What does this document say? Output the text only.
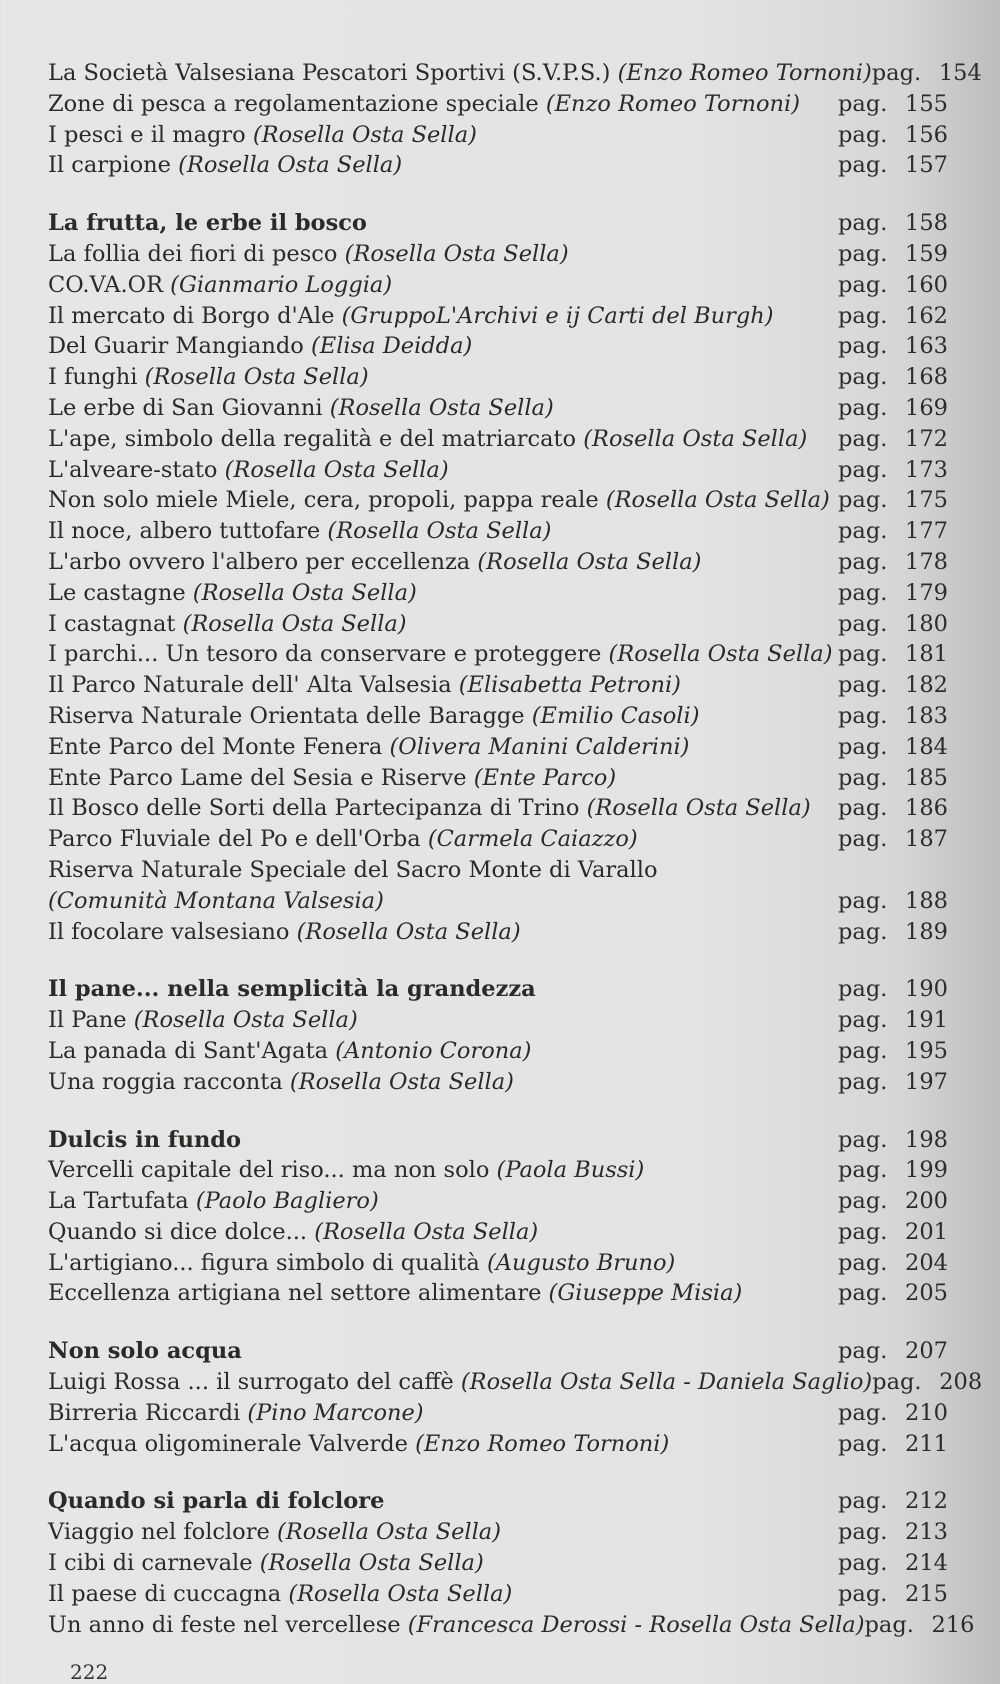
La Società Valsesiana Pescatori Sportivi (S.V.P.S.) (Enzo Romeo Tornoni) pag. 154
Zone di pesca a regolamentazione speciale (Enzo Romeo Tornoni)	pag. 155
I pesci e il magro (Rosella Osta Sella)	pag. 156
Il carpione (Rosella Osta Sella)	pag. 157
La frutta, le erbe il bosco	pag. 158
La follia dei fiori di pesco (Rosella Osta Sella)	pag. 159
CO.VA.OR (Gianmario Loggia)	pag. 160
Il mercato di Borgo d'Ale (GruppoL'Archivi e ij Carti del Burgh)	pag. 162
Del Guarir Mangiando (Elisa Deidda)	pag. 163
I funghi (Rosella Osta Sella)	pag. 168
Le erbe di San Giovanni (Rosella Osta Sella)	pag. 169
L'ape, simbolo della regalità e del matriarcato (Rosella Osta Sella)	pag. 172
L'alveare-stato (Rosella Osta Sella)	pag. 173
Non solo miele Miele, cera, propoli, pappa reale (Rosella Osta Sella) pag. 175
Il noce, albero tuttofare (Rosella Osta Sella)	pag. 177
L'arbo ovvero l'albero per eccellenza (Rosella Osta Sella)	pag. 178
Le castagne (Rosella Osta Sella)	pag. 179
I castagnat (Rosella Osta Sella)	pag. 180
I parchi... Un tesoro da conservare e proteggere (Rosella Osta Sella) pag. 181
Il Parco Naturale dell' Alta Valsesia (Elisabetta Petroni)	pag. 182
Riserva Naturale Orientata delle Baragge (Emilio Casoli)	pag. 183
Ente Parco del Monte Fenera (Olivera Manini Calderini)	pag. 184
Ente Parco Lame del Sesia e Riserve (Ente Parco)	pag. 185
Il Bosco delle Sorti della Partecipanza di Trino (Rosella Osta Sella)	pag. 186
Parco Fluviale del Po e dell'Orba (Carmela Caiazzo)	pag. 187
Riserva Naturale Speciale del Sacro Monte di Varallo
(Comunità Montana Valsesia)	pag. 188
Il focolare valsesiano (Rosella Osta Sella)	pag. 189
Il pane... nella semplicità la grandezza	pag. 190
Il Pane (Rosella Osta Sella)	pag. 191
La panada di Sant'Agata (Antonio Corona)	pag. 195
Una roggia racconta (Rosella Osta Sella)	pag. 197
Dulcis in fundo	pag. 198
Vercelli capitale del riso... ma non solo (Paola Bussi)	pag. 199
La Tartufata (Paolo Bagliero)	pag. 200
Quando si dice dolce... (Rosella Osta Sella)	pag. 201
L'artigiano... figura simbolo di qualità (Augusto Bruno)	pag. 204
Eccellenza artigiana nel settore alimentare (Giuseppe Misia)	pag. 205
Non solo acqua	pag. 207
Luigi Rossa ... il surrogato del caffè (Rosella Osta Sella - Daniela Saglio) pag. 208
Birreria Riccardi (Pino Marcone)	pag. 210
L'acqua oligominerale Valverde (Enzo Romeo Tornoni)	pag. 211
Quando si parla di folclore	pag. 212
Viaggio nel folclore (Rosella Osta Sella)	pag. 213
I cibi di carnevale (Rosella Osta Sella)	pag. 214
Il paese di cuccagna (Rosella Osta Sella)	pag. 215
Un anno di feste nel vercellese (Francesca Derossi - Rosella Osta Sella) pag. 216
222
